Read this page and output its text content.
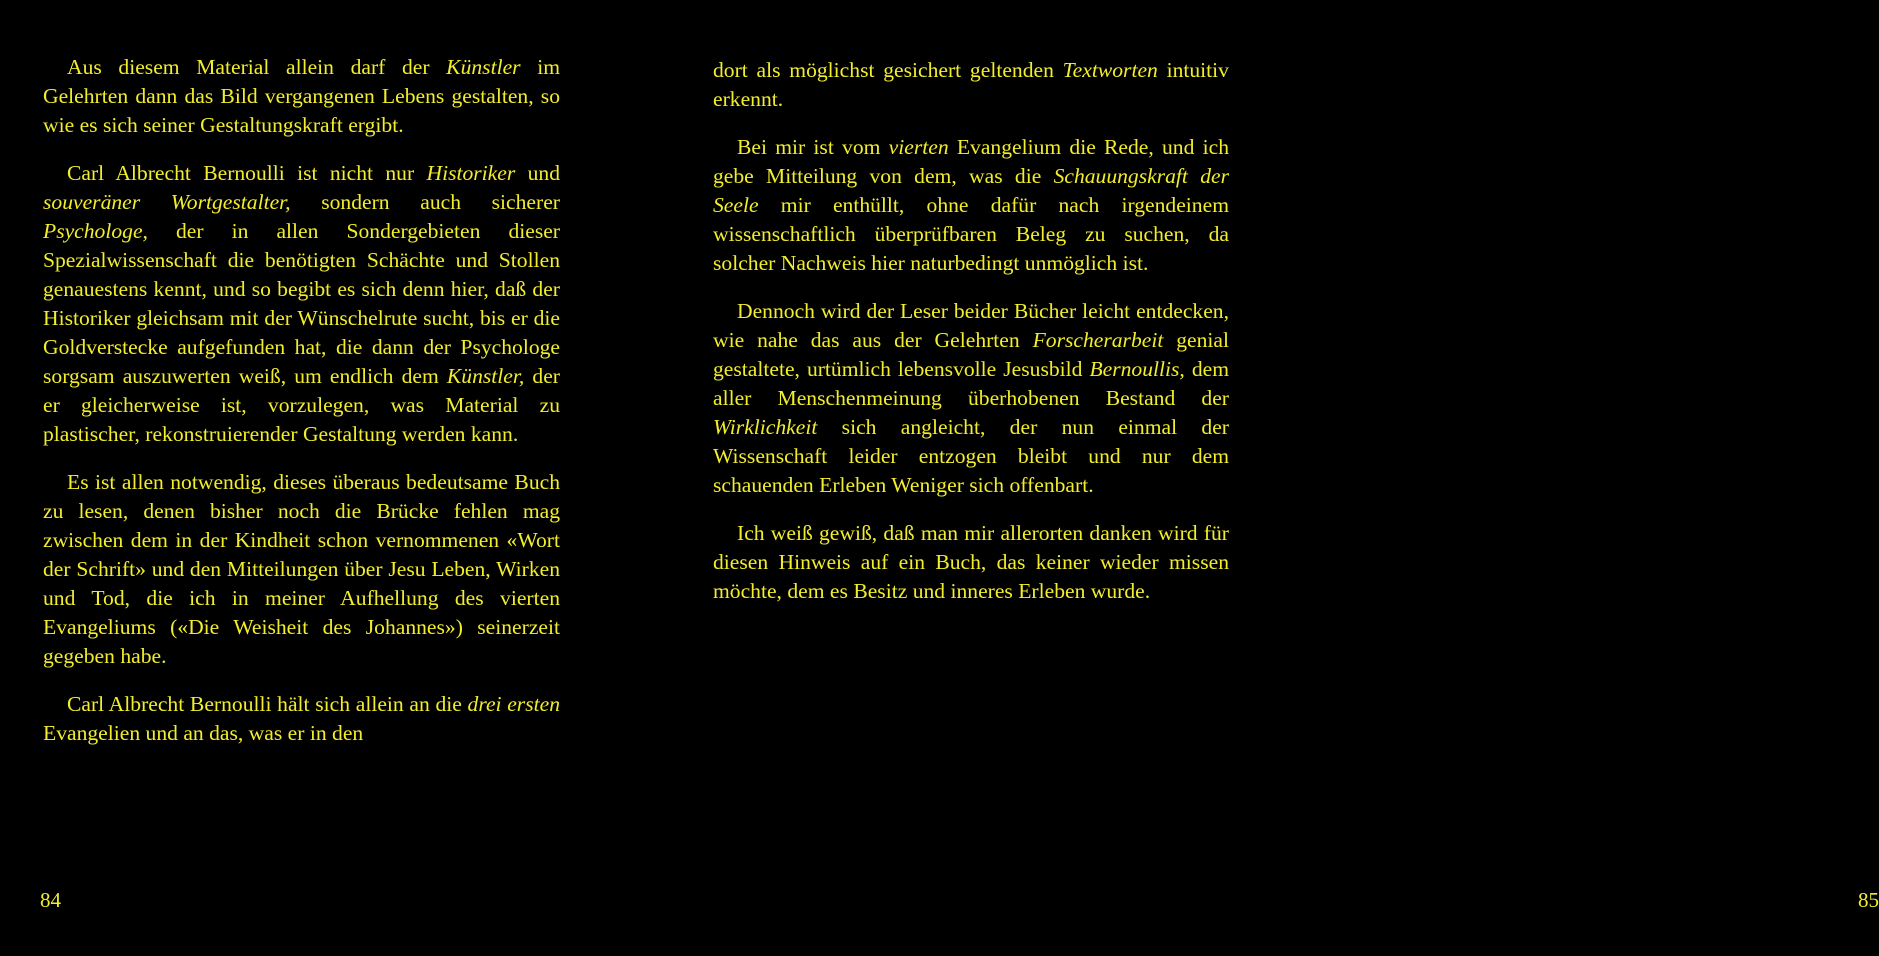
Aus diesem Material allein darf der Künstler im Gelehrten dann das Bild vergangenen Lebens gestalten, so wie es sich seiner Gestaltungskraft ergibt.

Carl Albrecht Bernoulli ist nicht nur Historiker und souveräner Wortgestalter, sondern auch sicherer Psychologe, der in allen Sondergebieten dieser Spezialwissenschaft die benötigten Schächte und Stollen genauestens kennt, und so begibt es sich denn hier, daß der Historiker gleichsam mit der Wünschelrute sucht, bis er die Goldverstecke aufgefunden hat, die dann der Psychologe sorgsam auszuwerten weiß, um endlich dem Künstler, der er gleicherweise ist, vorzulegen, was Material zu plastischer, rekonstruierender Gestaltung werden kann.

Es ist allen notwendig, dieses überaus bedeutsame Buch zu lesen, denen bisher noch die Brücke fehlen mag zwischen dem in der Kindheit schon vernommenen «Wort der Schrift» und den Mitteilungen über Jesu Leben, Wirken und Tod, die ich in meiner Aufhellung des vierten Evangeliums («Die Weisheit des Johannes») seinerzeit gegeben habe.

Carl Albrecht Bernoulli hält sich allein an die drei ersten Evangelien und an das, was er in den

84

dort als möglichst gesichert geltenden Textworten intuitiv erkennt.

Bei mir ist vom vierten Evangelium die Rede, und ich gebe Mitteilung von dem, was die Schauungskraft der Seele mir enthüllt, ohne dafür nach irgendeinem wissenschaftlich überprüfbaren Beleg zu suchen, da solcher Nachweis hier naturbedingt unmöglich ist.

Dennoch wird der Leser beider Bücher leicht entdecken, wie nahe das aus der Gelehrten Forscherarbeit genial gestaltete, urtümlich lebensvolle Jesusbild Bernoullis, dem aller Menschenmeinung überhobenen Bestand der Wirklichkeit sich angleicht, der nun einmal der Wissenschaft leider entzogen bleibt und nur dem schauenden Erleben Weniger sich offenbart.

Ich weiß gewiß, daß man mir allerorten danken wird für diesen Hinweis auf ein Buch, das keiner wieder missen möchte, dem es Besitz und inneres Erleben wurde.

85
